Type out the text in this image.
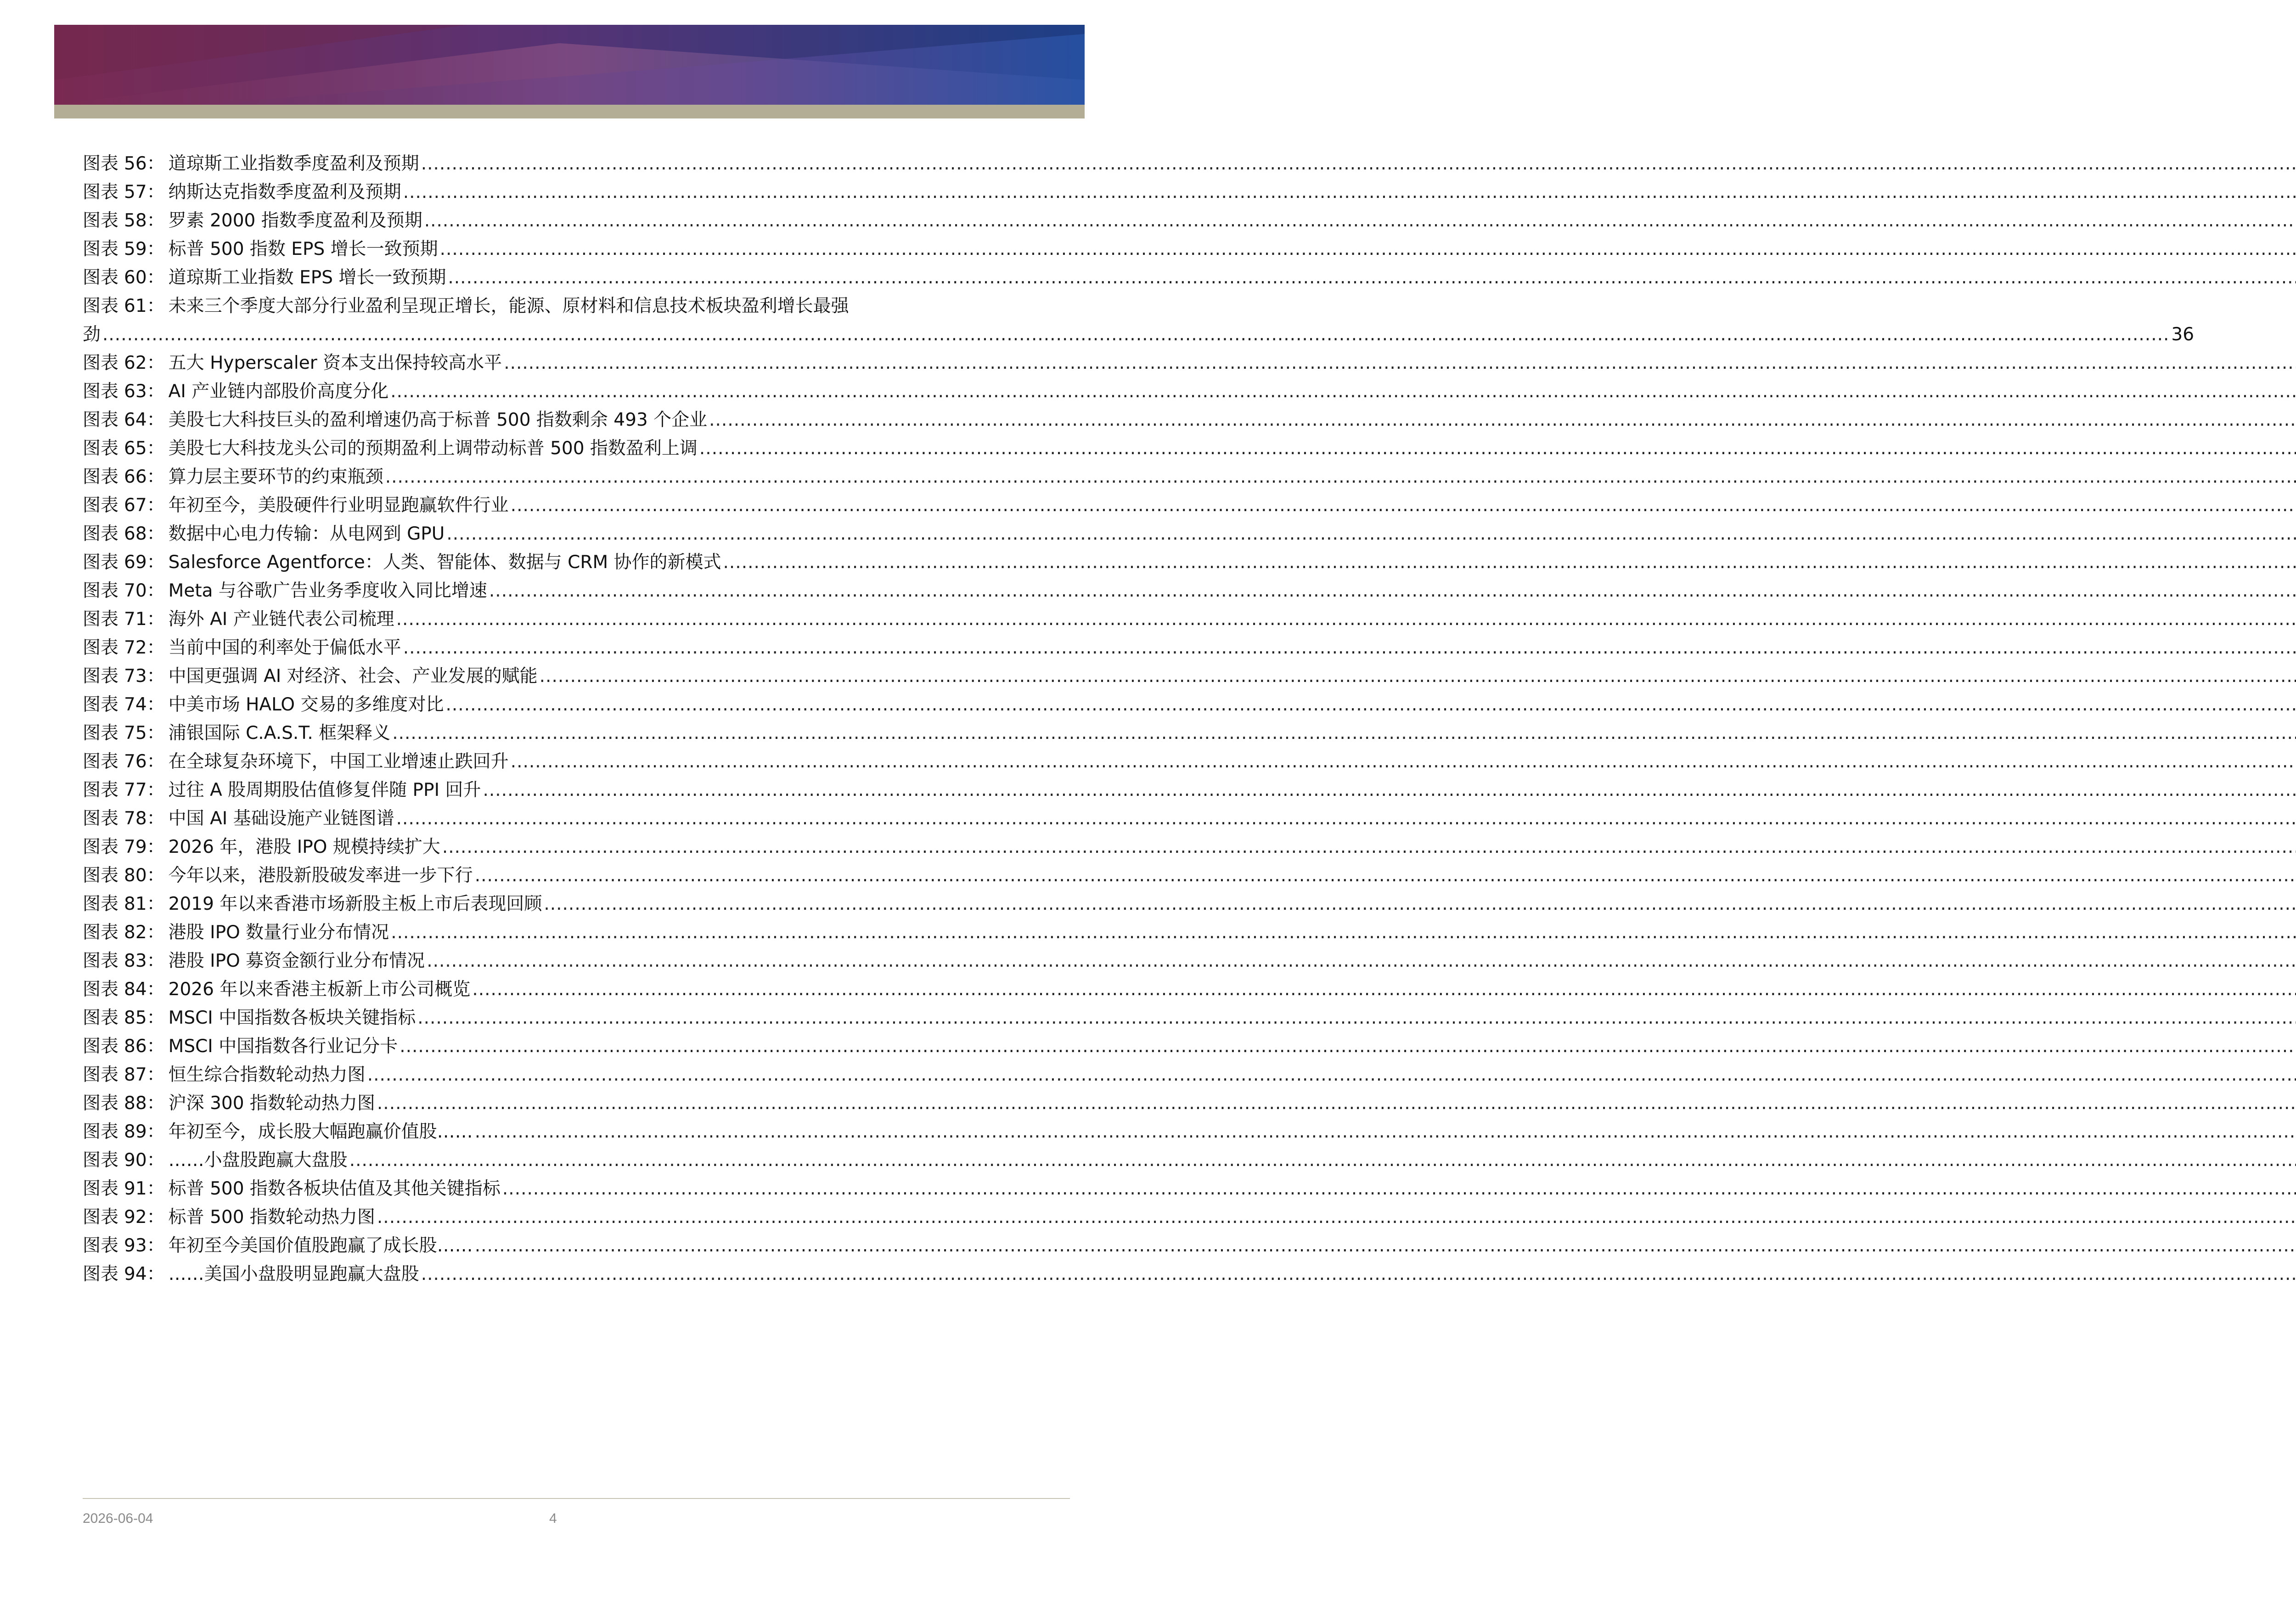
图表 56 ： 道琼斯工业指数季度盈利及预期
.....
图表 57 ： 纳斯达克指数季度盈利及预期
.....
图表 58 ： 罗素 2000 指数季度盈利及预期
.....
图表 59 ： 标普 500 指数 EPS 增长一致预期
.....
图表 60 ： 道琼斯工业指数 EPS 增长一致预期
.....
图表 61 ： 未来三个季度大部分行业盈利呈现正增长，能源、原材料和信息技术板块盈利增长最强
劲
.....	36
图表 62 ： 五大 Hyperscaler 资本支出保持较高水平
.....
图表 63 ： AI 产业链内部股价高度分化
.....
图表 64 ： 美股七大科技巨头的盈利增速仍高于标普 500 指数剩余 493 个企业
.....
图表 65 ： 美股七大科技龙头公司的预期盈利上调带动标普 500 指数盈利上调
.....
图表 66 ： 算力层主要环节的约束瓶颈
.....
图表 67 ： 年初至今，美股硬件行业明显跑赢软件行业
.....
图表 68 ： 数据中心电力传输：从电网到 GPU
.....
图表 69 ： Salesforce Agentforce：人类、智能体、数据与 CRM 协作的新模式
.....
图表 70 ： Meta 与谷歌广告业务季度收入同比增速
.....
图表 71 ： 海外 AI 产业链代表公司梳理
.....
图表 72 ： 当前中国的利率处于偏低水平
.....
图表 73 ： 中国更强调 AI 对经济、社会、产业发展的赋能
.....
图表 74 ： 中美市场 HALO 交易的多维度对比
.....
图表 75 ： 浦银国际 C.A.S.T. 框架释义
.....
图表 76 ： 在全球复杂环境下，中国工业增速止跌回升
.....
图表 77 ： 过往 A 股周期股估值修复伴随 PPI 回升
.....
图表 78 ： 中国 AI 基础设施产业链图谱
.....
图表 79 ： 2026 年，港股 IPO 规模持续扩大
.....
图表 80 ： 今年以来，港股新股破发率进一步下行
.....
图表 81 ： 2019 年以来香港市场新股主板上市后表现回顾
.....
图表 82 ： 港股 IPO 数量行业分布情况
.....
图表 83 ： 港股 IPO 募资金额行业分布情况
.....
图表 84 ： 2026 年以来香港主板新上市公司概览
.....
图表 85 ： MSCI 中国指数各板块关键指标
.....
图表 86 ： MSCI 中国指数各行业记分卡
.....
图表 87 ： 恒生综合指数轮动热力图
.....
图表 88 ： 沪深 300 指数轮动热力图
.....
图表 89 ： 年初至今，成长股大幅跑赢价值股……
.....
图表 90 ： ……小盘股跑赢大盘股
.....
图表 91 ： 标普 500 指数各板块估值及其他关键指标
.....
图表 92 ： 标普 500 指数轮动热力图
.....
图表 93 ： 年初至今美国价值股跑赢了成长股……
.....
图表 94 ： ……美国小盘股明显跑赢大盘股
.....
2026-06-04	4
